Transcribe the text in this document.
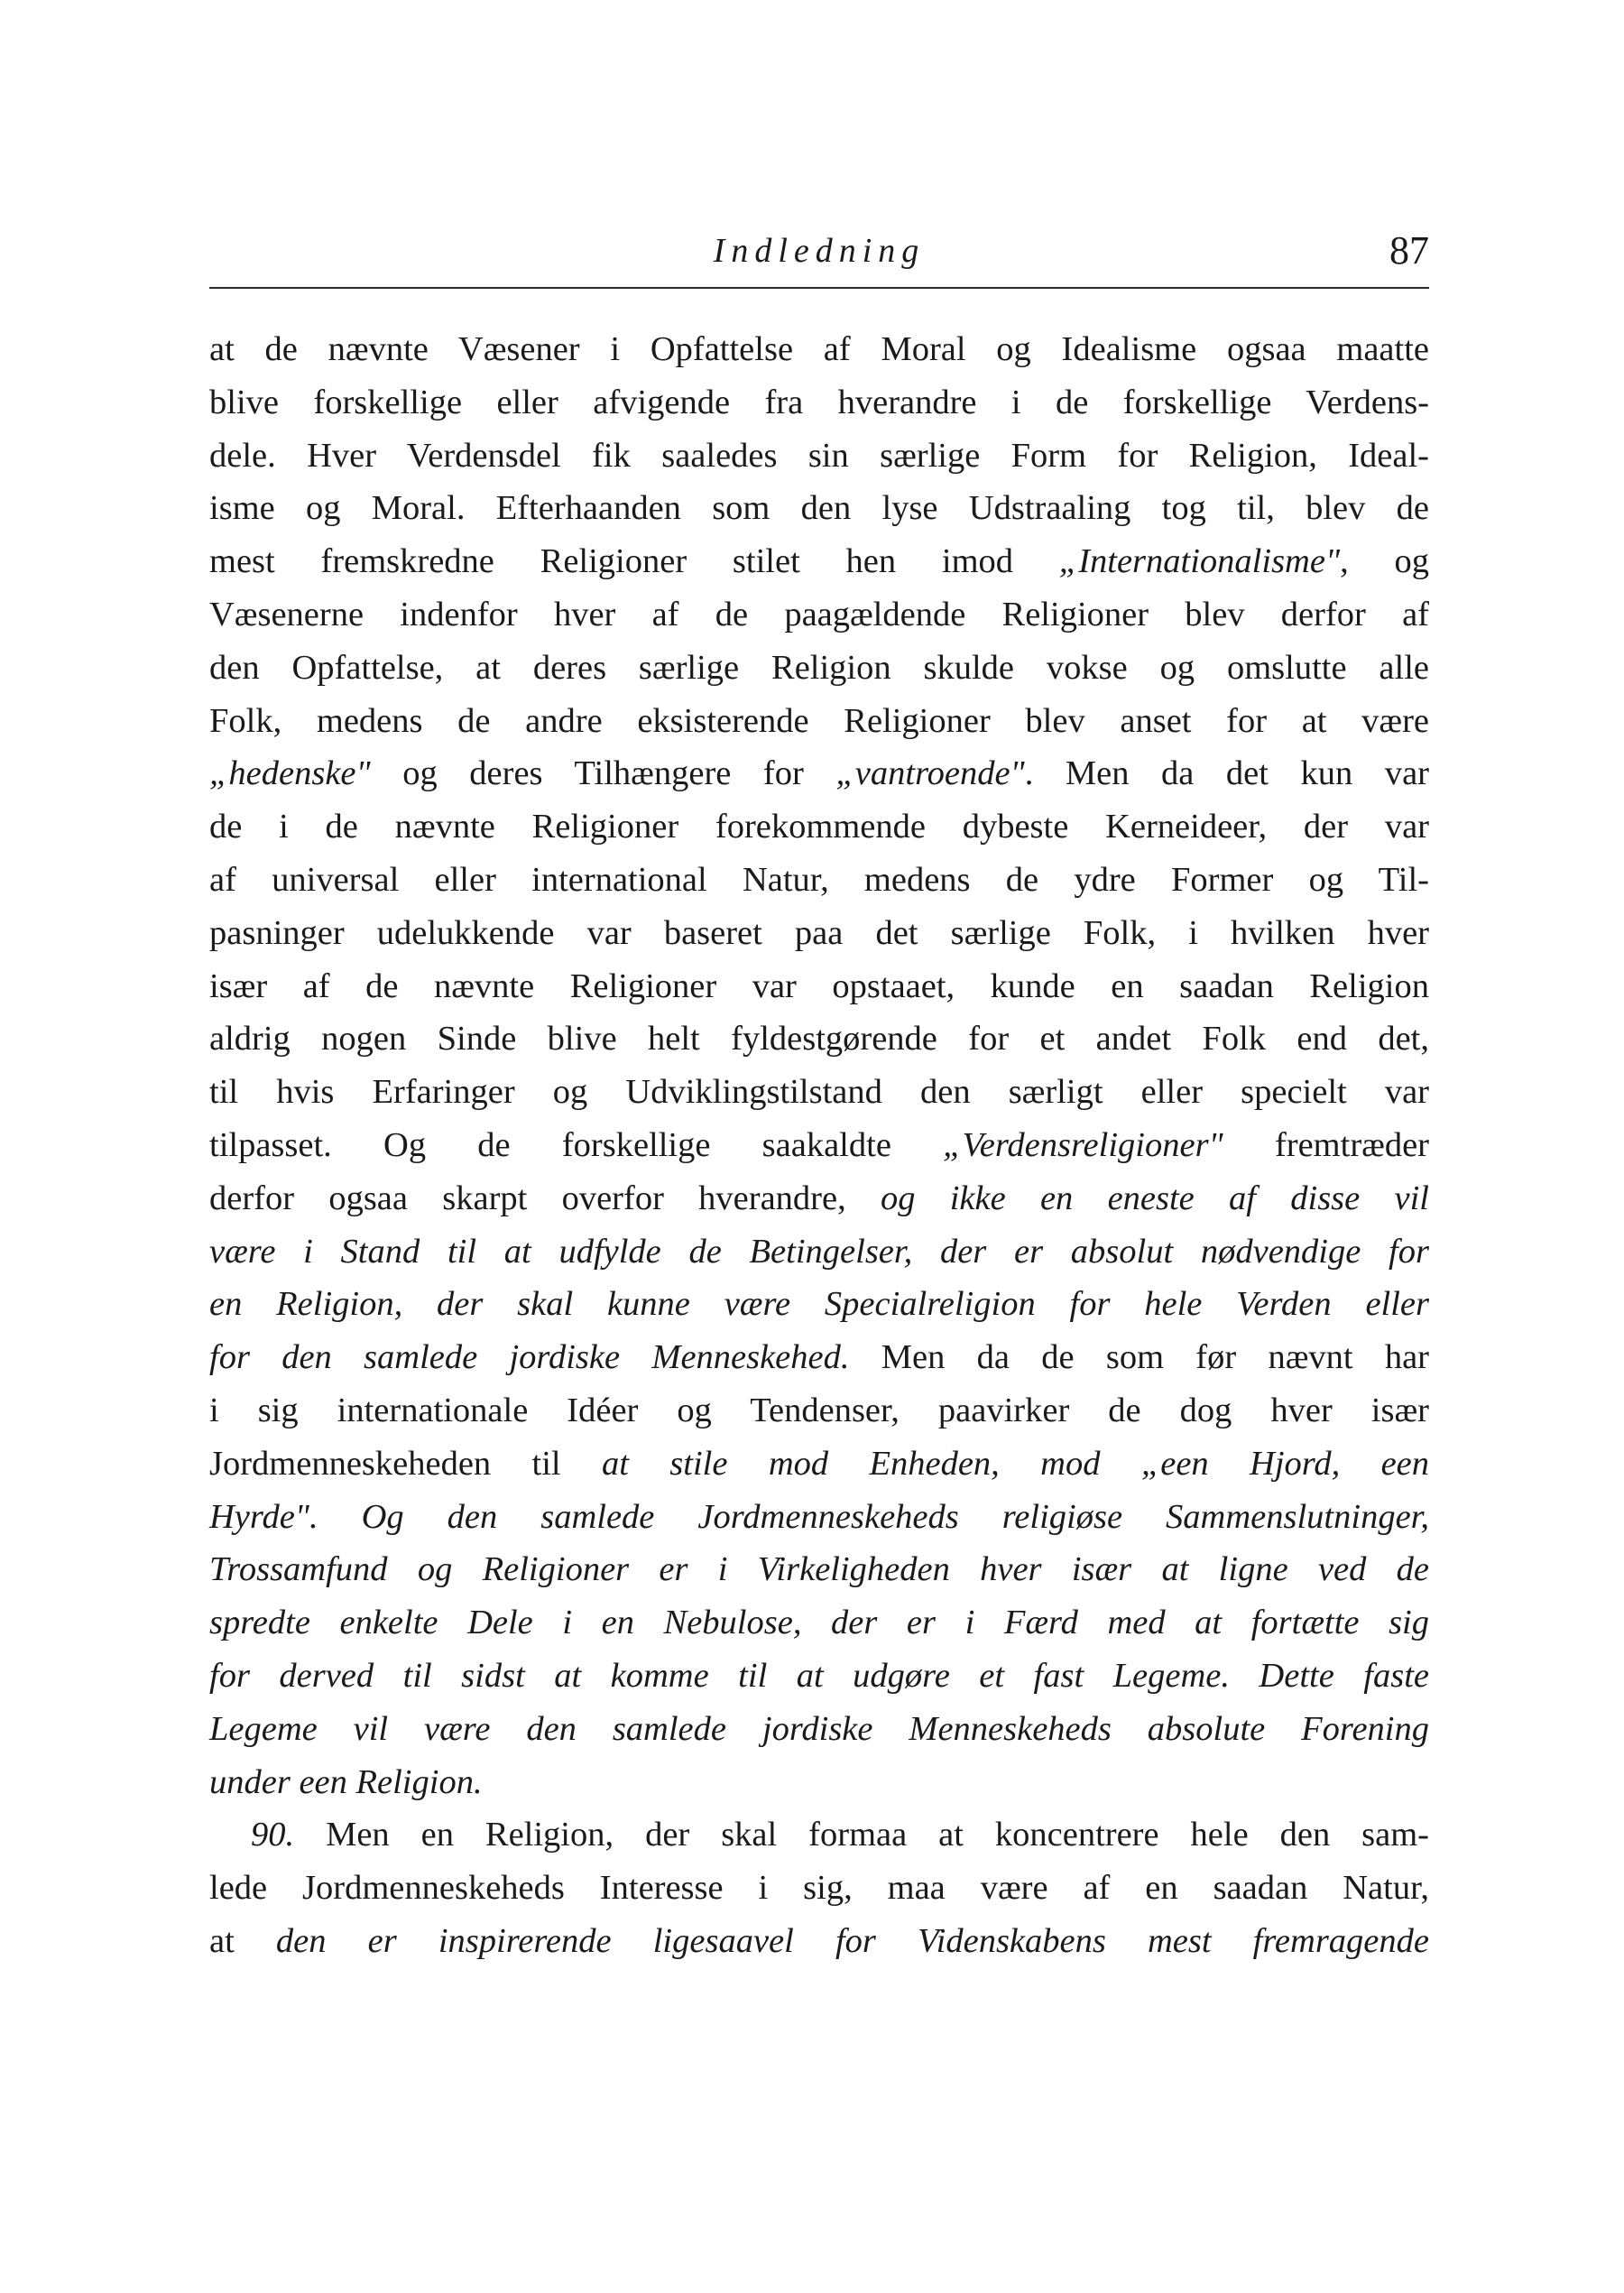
Indledning	87
at de nævnte Væsener i Opfattelse af Moral og Idealisme ogsaa maatte
blive forskellige eller afvigende fra hverandre i de forskellige Verdens-
dele. Hver Verdensdel fik saaledes sin særlige Form for Religion, Ideal-
isme og Moral. Efterhaanden som den lyse Udstraaling tog til, blev de
mest fremskredne Religioner stilet hen imod „Internationalisme", og
Væsenerne indenfor hver af de paagældende Religioner blev derfor af
den Opfattelse, at deres særlige Religion skulde vokse og omslutte alle
Folk, medens de andre eksisterende Religioner blev anset for at være
„hedenske" og deres Tilhængere for „vantroende". Men da det kun var
de i de nævnte Religioner forekommende dybeste Kerneideer, der var
af universal eller international Natur, medens de ydre Former og Til-
pasninger udelukkende var baseret paa det særlige Folk, i hvilken hver
især af de nævnte Religioner var opstaaet, kunde en saadan Religion
aldrig nogen Sinde blive helt fyldestgørende for et andet Folk end det,
til hvis Erfaringer og Udviklingstilstand den særligt eller specielt var
tilpasset. Og de forskellige saakaldte „Verdensreligioner" fremtræder
derfor ogsaa skarpt overfor hverandre, og ikke en eneste af disse vil
være i Stand til at udfylde de Betingelser, der er absolut nødvendige for
en Religion, der skal kunne være Specialreligion for hele Verden eller
for den samlede jordiske Menneskehed. Men da de som før nævnt har
i sig internationale Idéer og Tendenser, paavirker de dog hver især
Jordmenneskeheden til at stile mod Enheden, mod „een Hjord, een
Hyrde". Og den samlede Jordmenneskeheds religiøse Sammenslutninger,
Trossamfund og Religioner er i Virkeligheden hver især at ligne ved de
spredte enkelte Dele i en Nebulose, der er i Færd med at fortætte sig
for derved til sidst at komme til at udgøre et fast Legeme. Dette faste
Legeme vil være den samlede jordiske Menneskeheds absolute Forening
under een Religion.
90. Men en Religion, der skal formaa at koncentrere hele den sam-
lede Jordmenneskeheds Interesse i sig, maa være af en saadan Natur,
at den er inspirerende ligesaavel for Videnskabens mest fremragende
